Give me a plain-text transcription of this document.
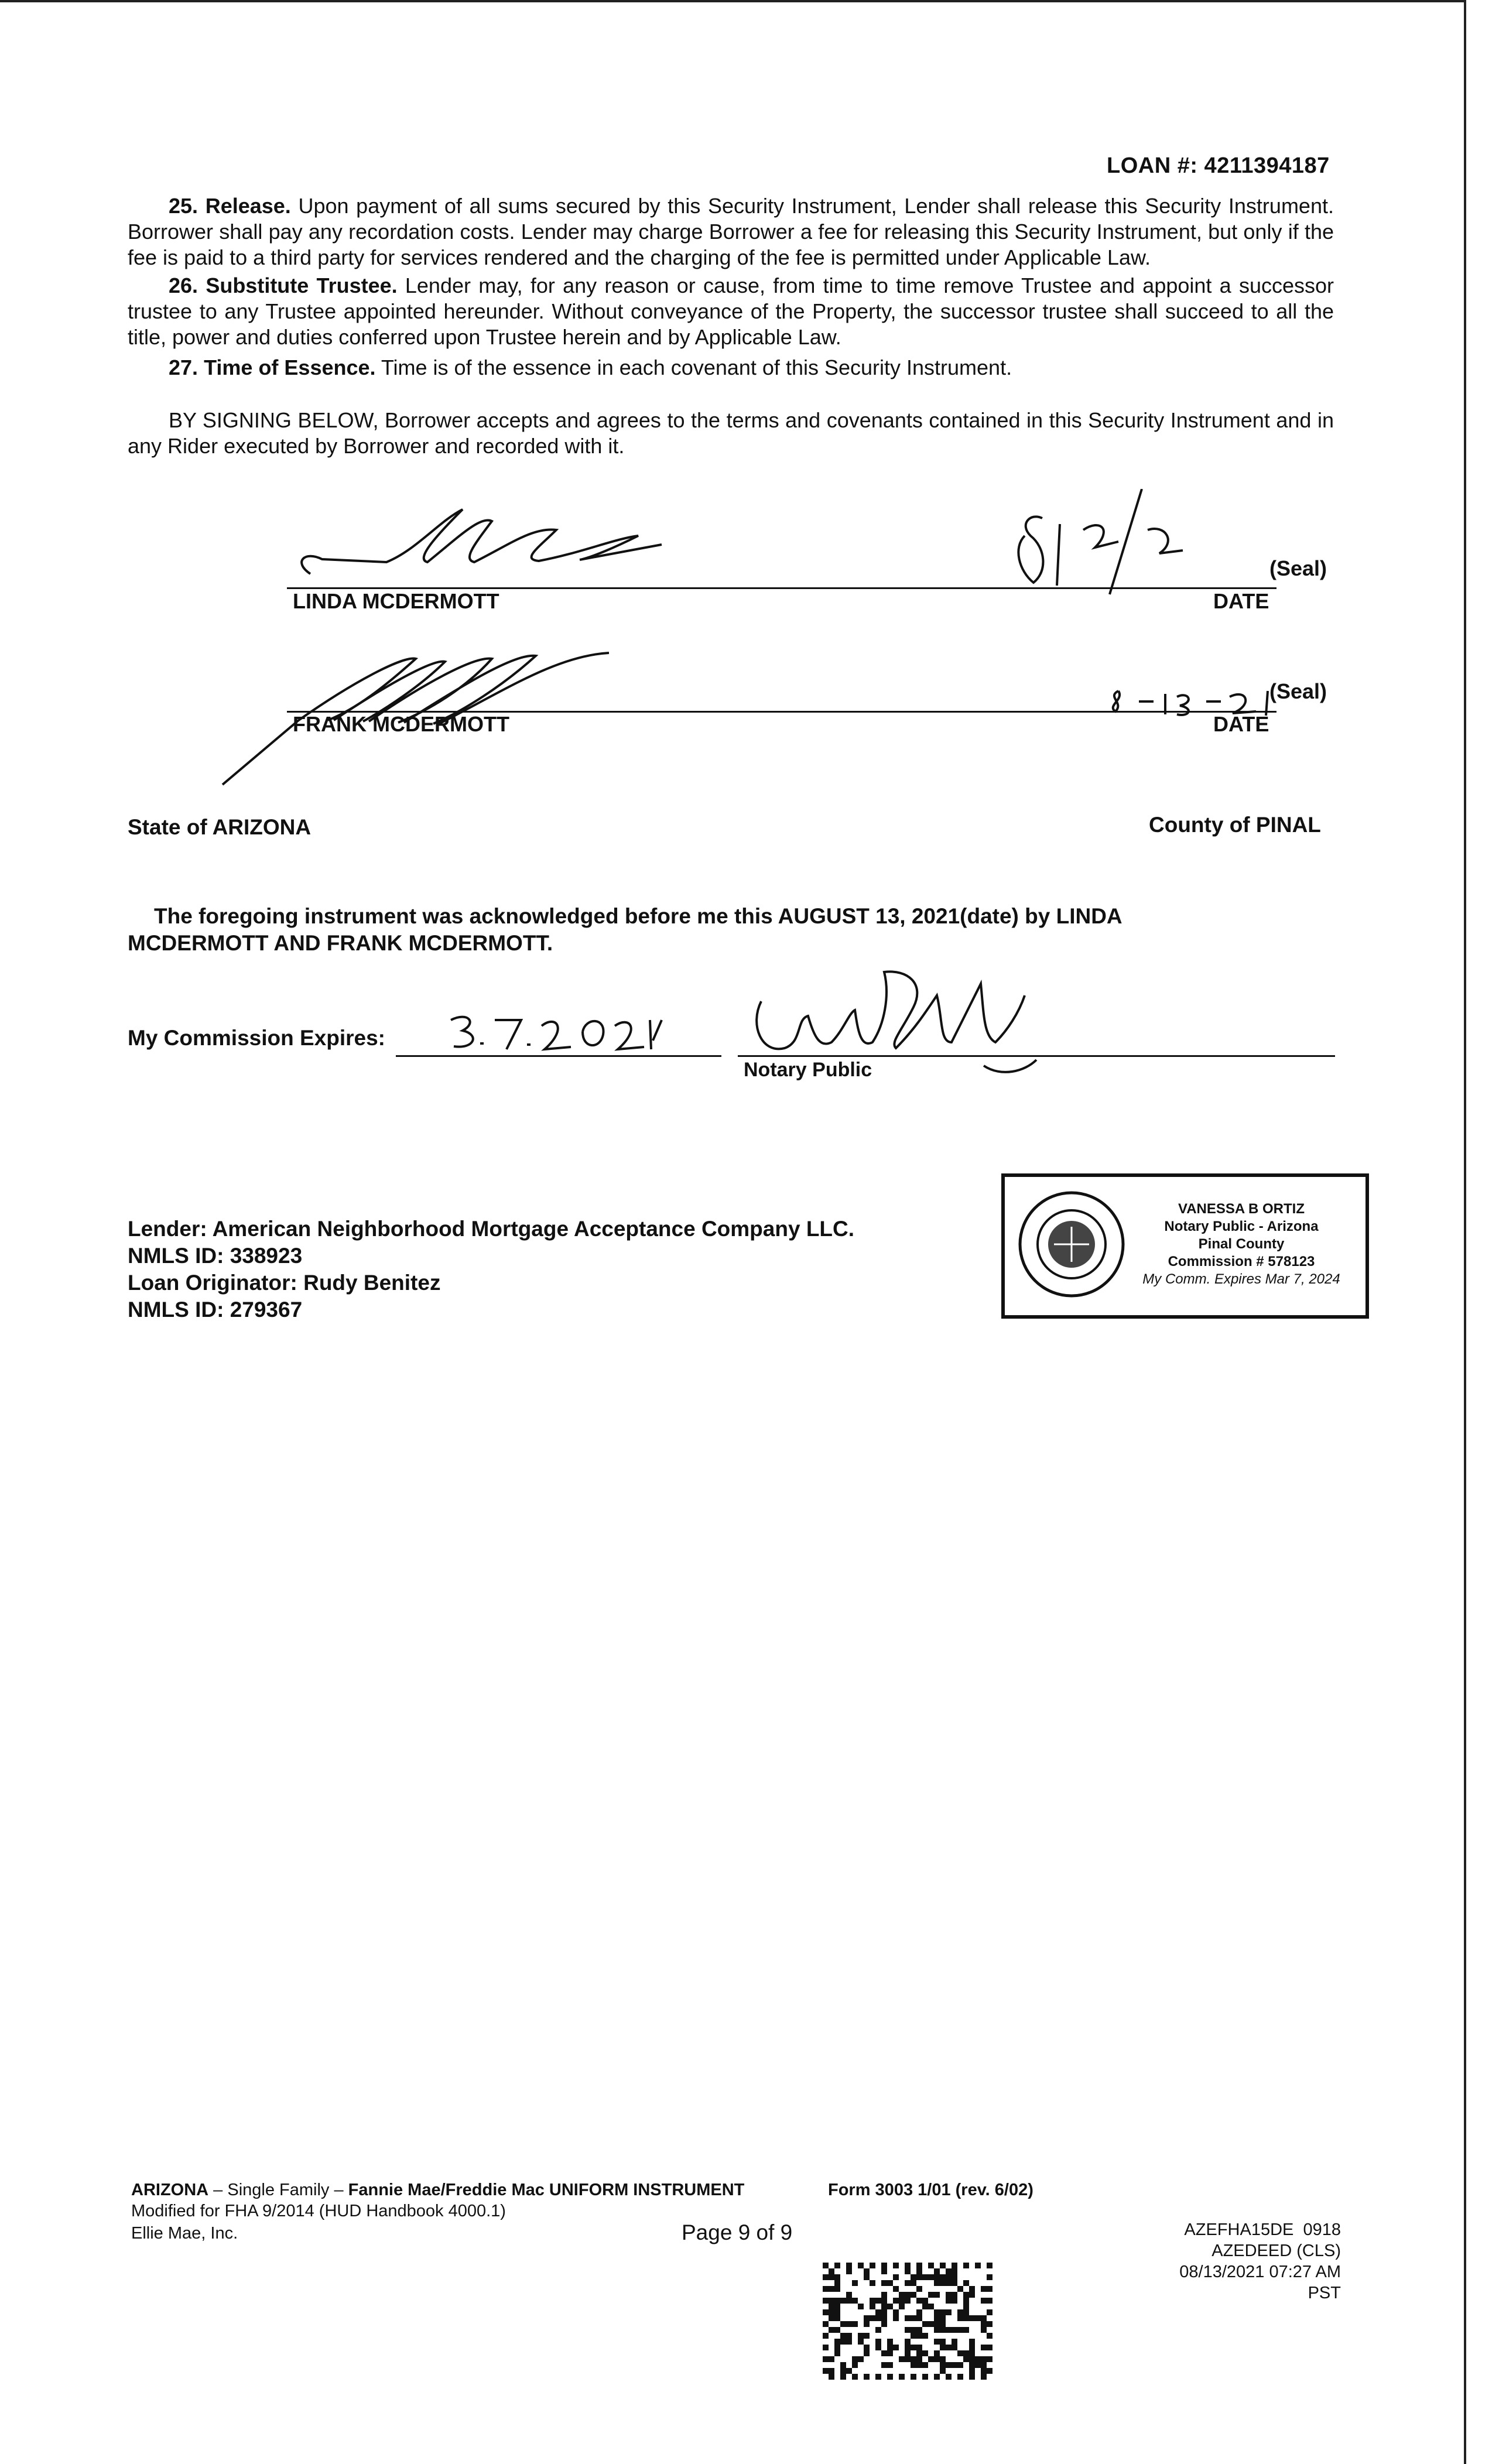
LOAN #: 4211394187
25. Release. Upon payment of all sums secured by this Security Instrument, Lender shall release this Security Instrument. Borrower shall pay any recordation costs. Lender may charge Borrower a fee for releasing this Security Instrument, but only if the fee is paid to a third party for services rendered and the charging of the fee is permitted under Applicable Law.
26. Substitute Trustee. Lender may, for any reason or cause, from time to time remove Trustee and appoint a successor trustee to any Trustee appointed hereunder. Without conveyance of the Property, the successor trustee shall succeed to all the title, power and duties conferred upon Trustee herein and by Applicable Law.
27. Time of Essence. Time is of the essence in each covenant of this Security Instrument.
BY SIGNING BELOW, Borrower accepts and agrees to the terms and covenants contained in this Security Instrument and in any Rider executed by Borrower and recorded with it.
LINDA MCDERMOTT
(Seal)
DATE
FRANK MCDERMOTT
(Seal)
DATE
State of ARIZONA	County of PINAL
The foregoing instrument was acknowledged before me this AUGUST 13, 2021(date) by LINDA MCDERMOTT AND FRANK MCDERMOTT.
My Commission Expires:
Notary Public
Lender: American Neighborhood Mortgage Acceptance Company LLC.
NMLS ID: 338923
Loan Originator: Rudy Benitez
NMLS ID: 279367
VANESSA B ORTIZ
Notary Public - Arizona
Pinal County
Commission # 578123
My Comm. Expires Mar 7, 2024
ARIZONA – Single Family – Fannie Mae/Freddie Mac UNIFORM INSTRUMENT	Form 3003 1/01 (rev. 6/02)
Modified for FHA 9/2014 (HUD Handbook 4000.1)
Ellie Mae, Inc.	Page 9 of 9	AZEFHA15DE  0918
AZEDEED (CLS)
08/13/2021 07:27 AM PST
